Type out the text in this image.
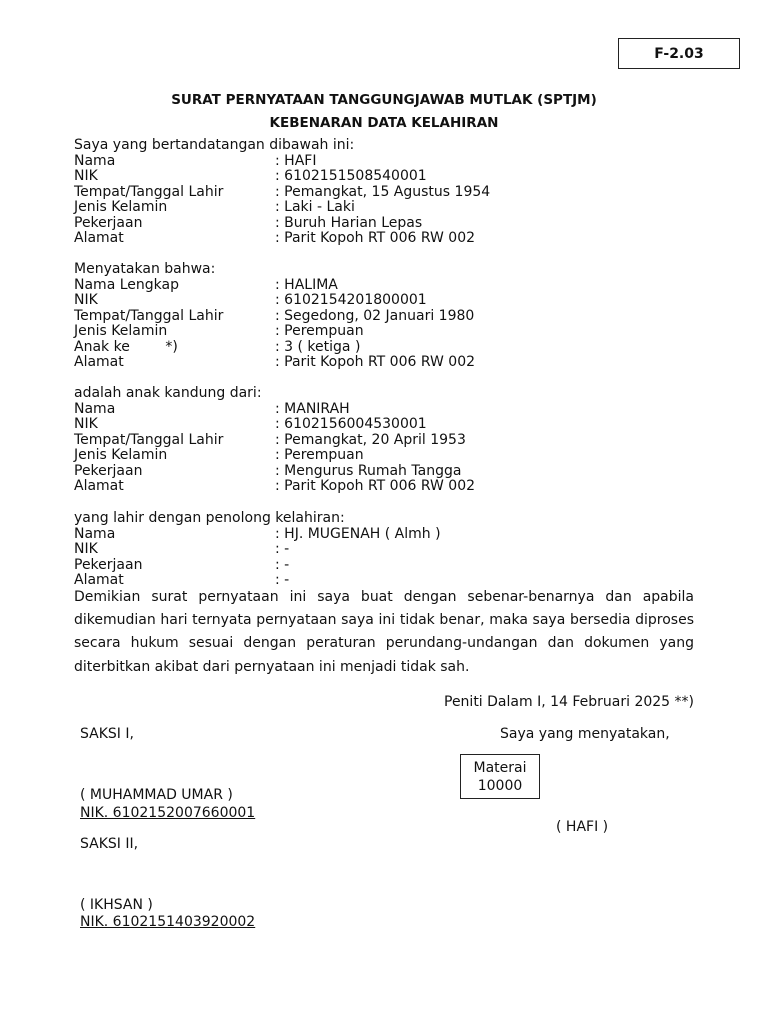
F-2.03
SURAT PERNYATAAN TANGGUNGJAWAB MUTLAK (SPTJM)
KEBENARAN DATA KELAHIRAN
Saya yang bertandatangan dibawah ini:
Nama	: HAFI
NIK	: 6102151508540001
Tempat/Tanggal Lahir	: Pemangkat, 15 Agustus 1954
Jenis Kelamin	: Laki - Laki
Pekerjaan	: Buruh Harian Lepas
Alamat	: Parit Kopoh RT 006 RW 002
Menyatakan bahwa:
Nama Lengkap	: HALIMA
NIK	: 6102154201800001
Tempat/Tanggal Lahir	: Segedong, 02 Januari 1980
Jenis Kelamin	: Perempuan
Anak ke        *)	: 3 ( ketiga )
Alamat	: Parit Kopoh RT 006 RW 002
adalah anak kandung dari:
Nama	: MANIRAH
NIK	: 6102156004530001
Tempat/Tanggal Lahir	: Pemangkat, 20 April 1953
Jenis Kelamin	: Perempuan
Pekerjaan	: Mengurus Rumah Tangga
Alamat	: Parit Kopoh RT 006 RW 002
yang lahir dengan penolong kelahiran:
Nama	: HJ. MUGENAH ( Almh )
NIK	: -
Pekerjaan	: -
Alamat	: -
Demikian surat pernyataan ini saya buat dengan sebenar-benarnya dan apabila dikemudian hari ternyata pernyataan saya ini tidak benar, maka saya bersedia diproses secara hukum sesuai dengan peraturan perundang-undangan dan dokumen yang diterbitkan akibat dari pernyataan ini menjadi tidak sah.
Peniti Dalam I, 14 Februari 2025 **)
SAKSI I,	Saya yang menyatakan,
Materai
10000
( MUHAMMAD UMAR )
NIK. 6102152007660001
( HAFI )
SAKSI II,
( IKHSAN )
NIK. 6102151403920002
